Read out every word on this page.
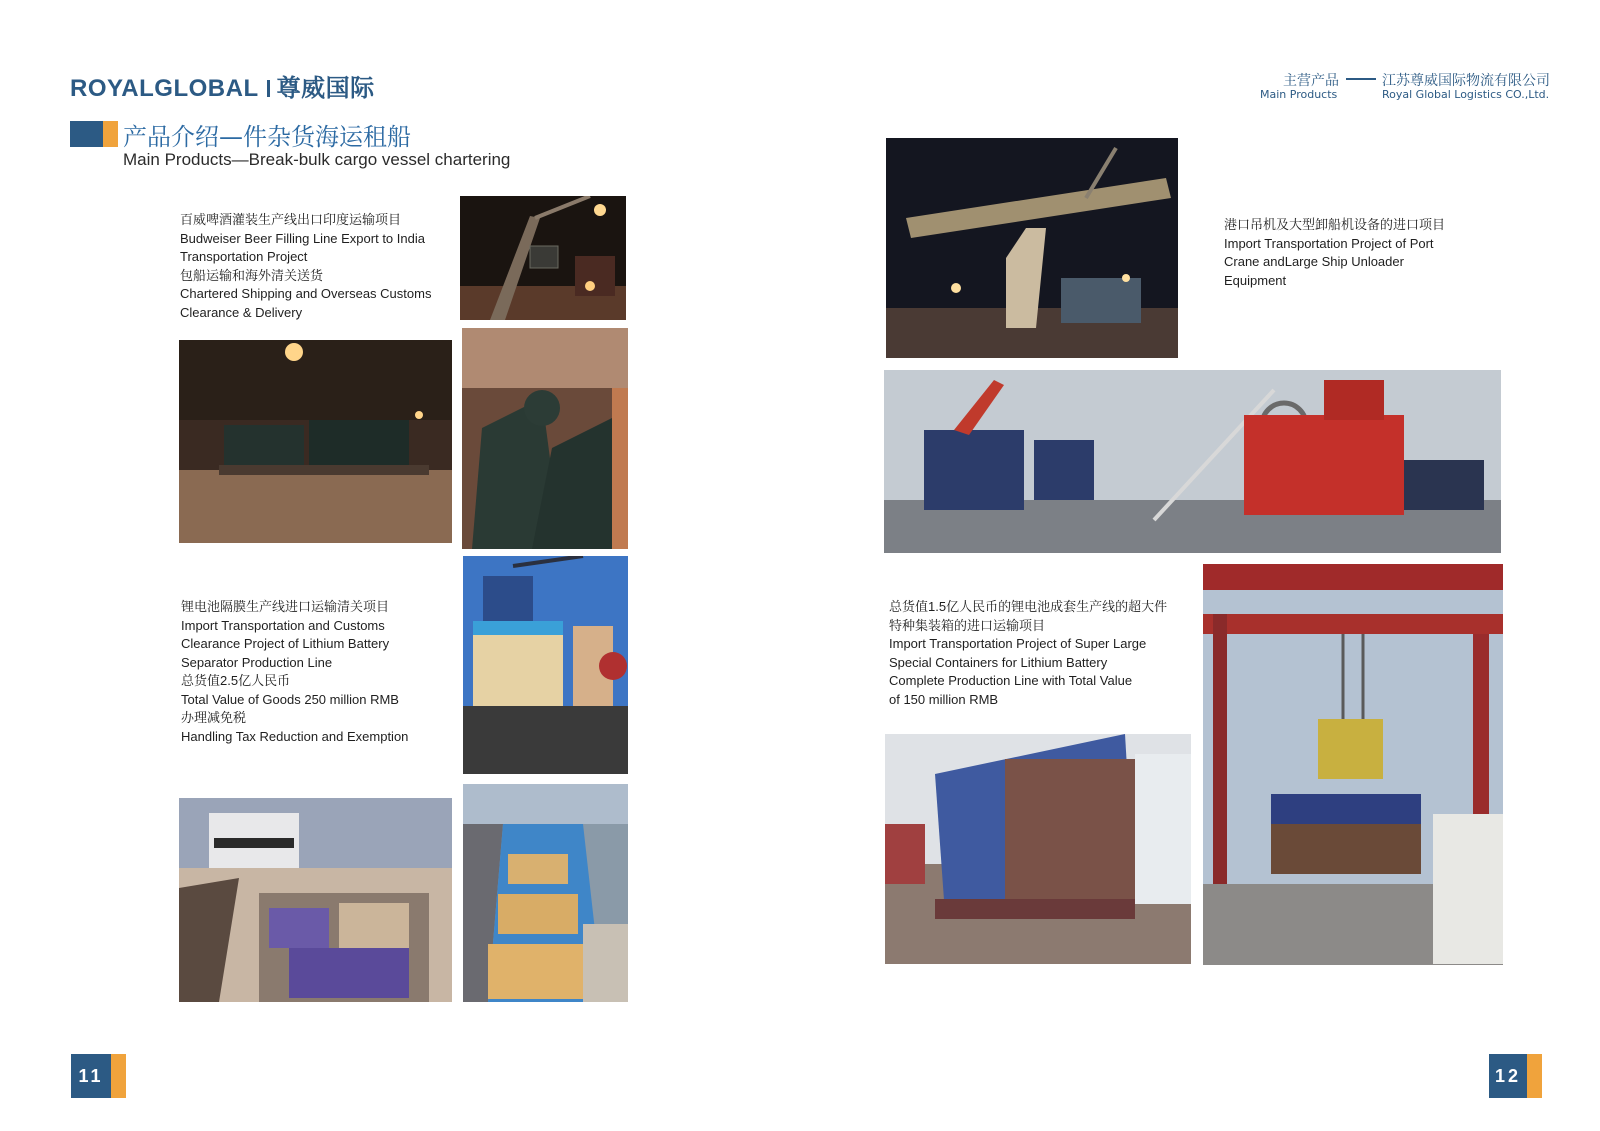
ROYALGLOBAL 尊威国际
产品介绍—件杂货海运租船
Main Products—Break-bulk cargo vessel chartering
主营产品
Main Products
江苏尊威国际物流有限公司
Royal Global Logistics CO.,Ltd.
百威啤酒灌装生产线出口印度运输项目
Budweiser Beer Filling Line Export to India
Transportation Project
包船运输和海外清关送货
Chartered Shipping and Overseas Customs
Clearance & Delivery
锂电池隔膜生产线进口运输清关项目
Import Transportation and Customs
Clearance Project of Lithium Battery
Separator Production Line
总货值2.5亿人民币
Total Value of Goods 250 million RMB
办理减免税
Handling Tax Reduction and Exemption
港口吊机及大型卸船机设备的进口项目
Import Transportation Project of Port
Crane andLarge Ship Unloader
Equipment
总货值1.5亿人民币的锂电池成套生产线的超大件
特种集装箱的进口运输项目
Import Transportation Project of Super Large
Special Containers for Lithium Battery
Complete Production Line with Total Value
of 150 million RMB
11	12
